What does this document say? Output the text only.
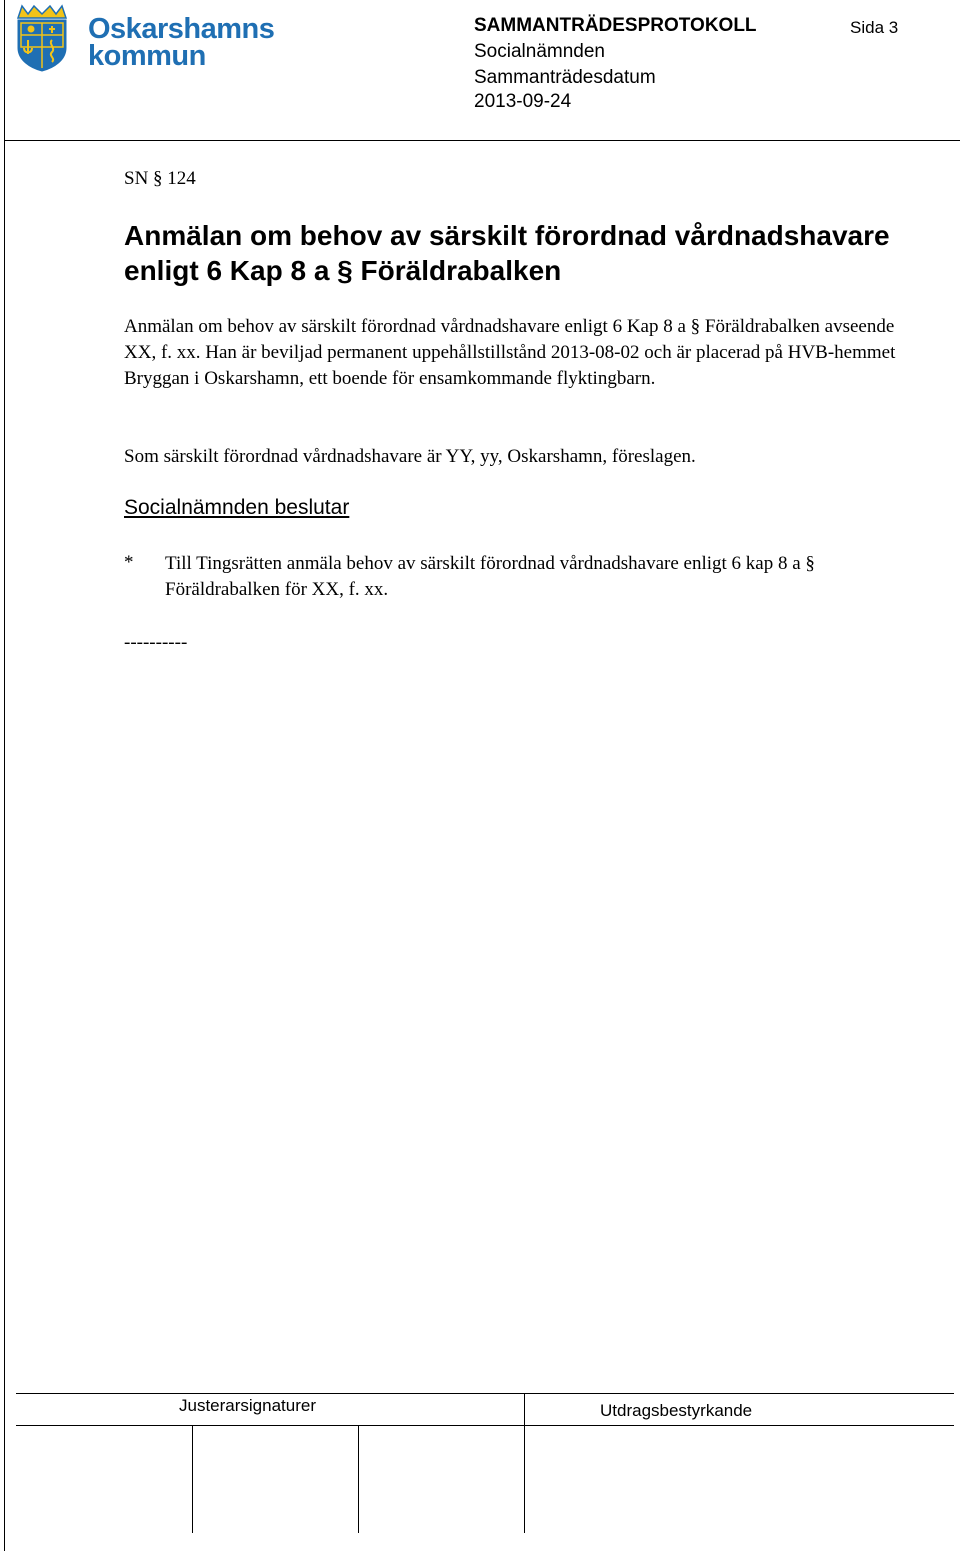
Oskarshamns
kommun
SAMMANTRÄDESPROTOKOLL	Sida 3
Socialnämnden
Sammanträdesdatum
2013-09-24
SN § 124
Anmälan om behov av särskilt förordnad vårdnadshavare enligt 6 Kap 8 a § Föräldrabalken
Anmälan om behov av särskilt förordnad vårdnadshavare enligt 6 Kap 8 a § Föräldrabalken avseende XX, f. xx. Han är beviljad permanent uppehållstillstånd 2013-08-02 och är placerad på HVB-hemmet Bryggan i Oskarshamn, ett boende för ensamkommande flyktingbarn.
Som särskilt förordnad vårdnadshavare är YY, yy, Oskarshamn, föreslagen.
Socialnämnden beslutar
* Till Tingsrätten anmäla behov av särskilt förordnad vårdnadshavare enligt 6 kap 8 a § Föräldrabalken för XX, f. xx.
----------
Justerarsignaturer	Utdragsbestyrkande
